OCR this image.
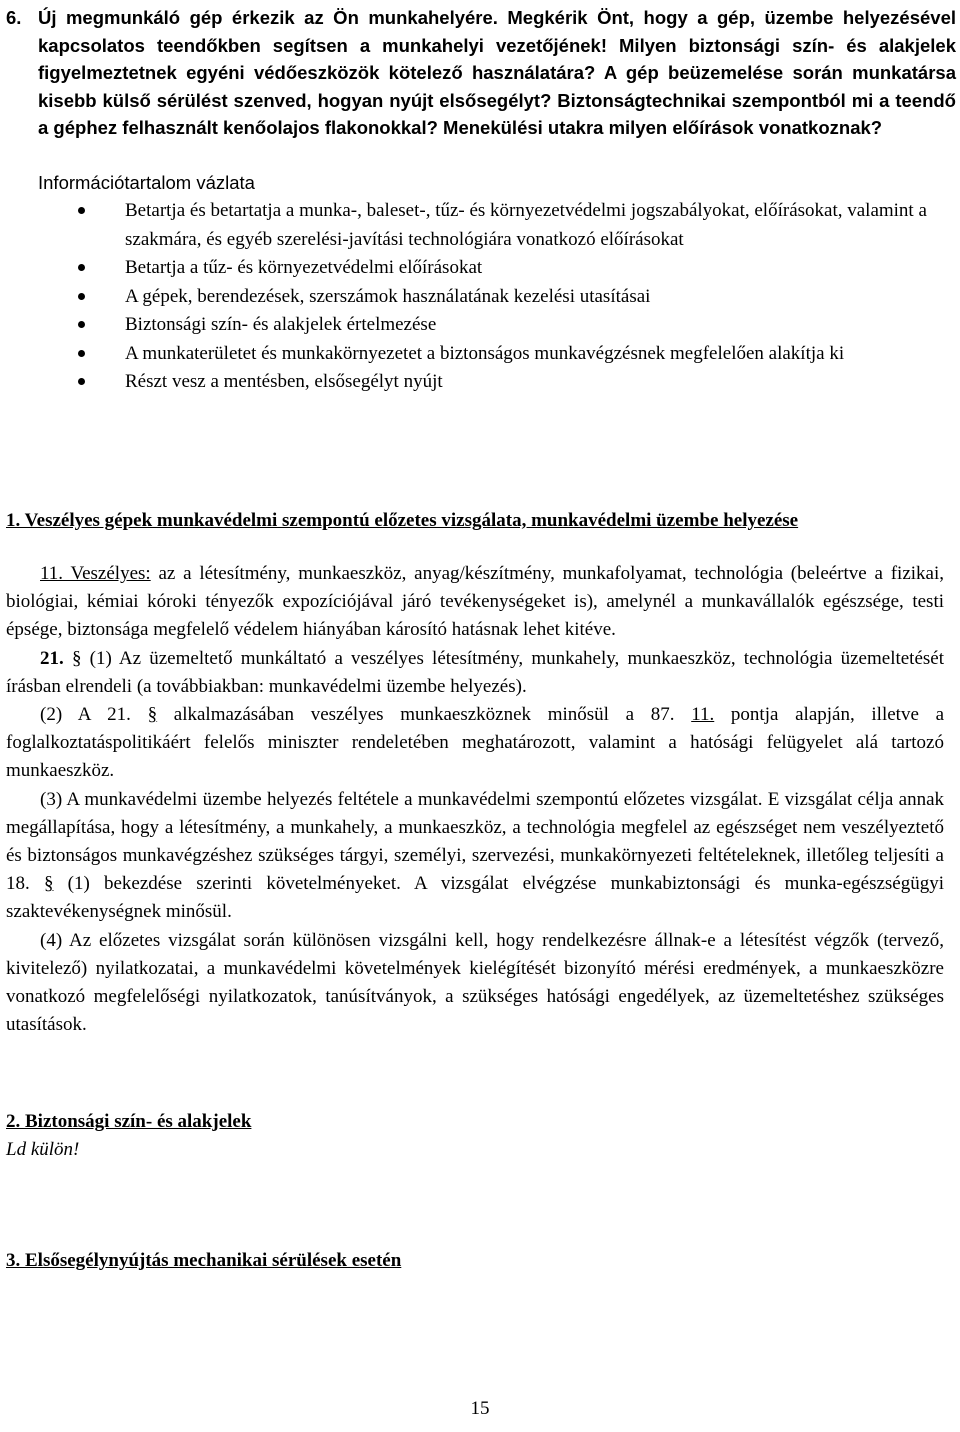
6. Új megmunkáló gép érkezik az Ön munkahelyére. Megkérik Önt, hogy a gép, üzembe helyezésével kapcsolatos teendőkben segítsen a munkahelyi vezetőjének! Milyen biztonsági szín- és alakjelek figyelmeztetnek egyéni védőeszközök kötelező használatára? A gép beüzemelése során munkatársa kisebb külső sérülést szenved, hogyan nyújt elsősegélyt? Biztonságtechnikai szempontból mi a teendő a géphez felhasznált kenőolajos flakonokkal? Menekülési utakra milyen előírások vonatkoznak?
Információtartalom vázlata
Betartja és betartatja a munka-, baleset-, tűz- és környezetvédelmi jogszabályokat, előírásokat, valamint a szakmára, és egyéb szerelési-javítási technológiára vonatkozó előírásokat
Betartja a tűz- és környezetvédelmi előírásokat
A gépek, berendezések, szerszámok használatának kezelési utasításai
Biztonsági szín- és alakjelek értelmezése
A munkaterületet és munkakörnyezetet a biztonságos munkavégzésnek megfelelően alakítja ki
Részt vesz a mentésben, elsősegélyt nyújt
1. Veszélyes gépek munkavédelmi szempontú előzetes vizsgálata, munkavédelmi üzembe helyezése

11. Veszélyes: az a létesítmény, munkaeszköz, anyag/készítmény, munkafolyamat, technológia (beleértve a fizikai, biológiai, kémiai kóroki tényezők expozíciójával járó tevékenységeket is), amelynél a munkavállalók egészsége, testi épsége, biztonsága megfelelő védelem hiányában károsító hatásnak lehet kitéve.

21. § (1) Az üzemeltető munkáltató a veszélyes létesítmény, munkahely, munkaeszköz, technológia üzemeltetését írásban elrendeli (a továbbiakban: munkavédelmi üzembe helyezés).

(2) A 21. § alkalmazásában veszélyes munkaeszköznek minősül a 87. 11. pontja alapján, illetve a foglalkoztatáspolitikáért felelős miniszter rendeletében meghatározott, valamint a hatósági felügyelet alá tartozó munkaeszköz.

(3) A munkavédelmi üzembe helyezés feltétele a munkavédelmi szempontú előzetes vizsgálat. E vizsgálat célja annak megállapítása, hogy a létesítmény, a munkahely, a munkaeszköz, a technológia megfelel az egészséget nem veszélyeztető és biztonságos munkavégzéshez szükséges tárgyi, személyi, szervezési, munkakörnyezeti feltételeknek, illetőleg teljesíti a 18. § (1) bekezdése szerinti követelményeket. A vizsgálat elvégzése munkabiztonsági és munka-egészségügyi szaktevékenységnek minősül.

(4) Az előzetes vizsgálat során különösen vizsgálni kell, hogy rendelkezésre állnak-e a létesítést végzők (tervező, kivitelező) nyilatkozatai, a munkavédelmi követelmények kielégítését bizonyító mérési eredmények, a munkaeszközre vonatkozó megfelelőségi nyilatkozatok, tanúsítványok, a szükséges hatósági engedélyek, az üzemeltetéshez szükséges utasítások.

2. Biztonsági szín- és alakjelek
Ld külön!
3. Elsősegélynyújtás mechanikai sérülések esetén
15
